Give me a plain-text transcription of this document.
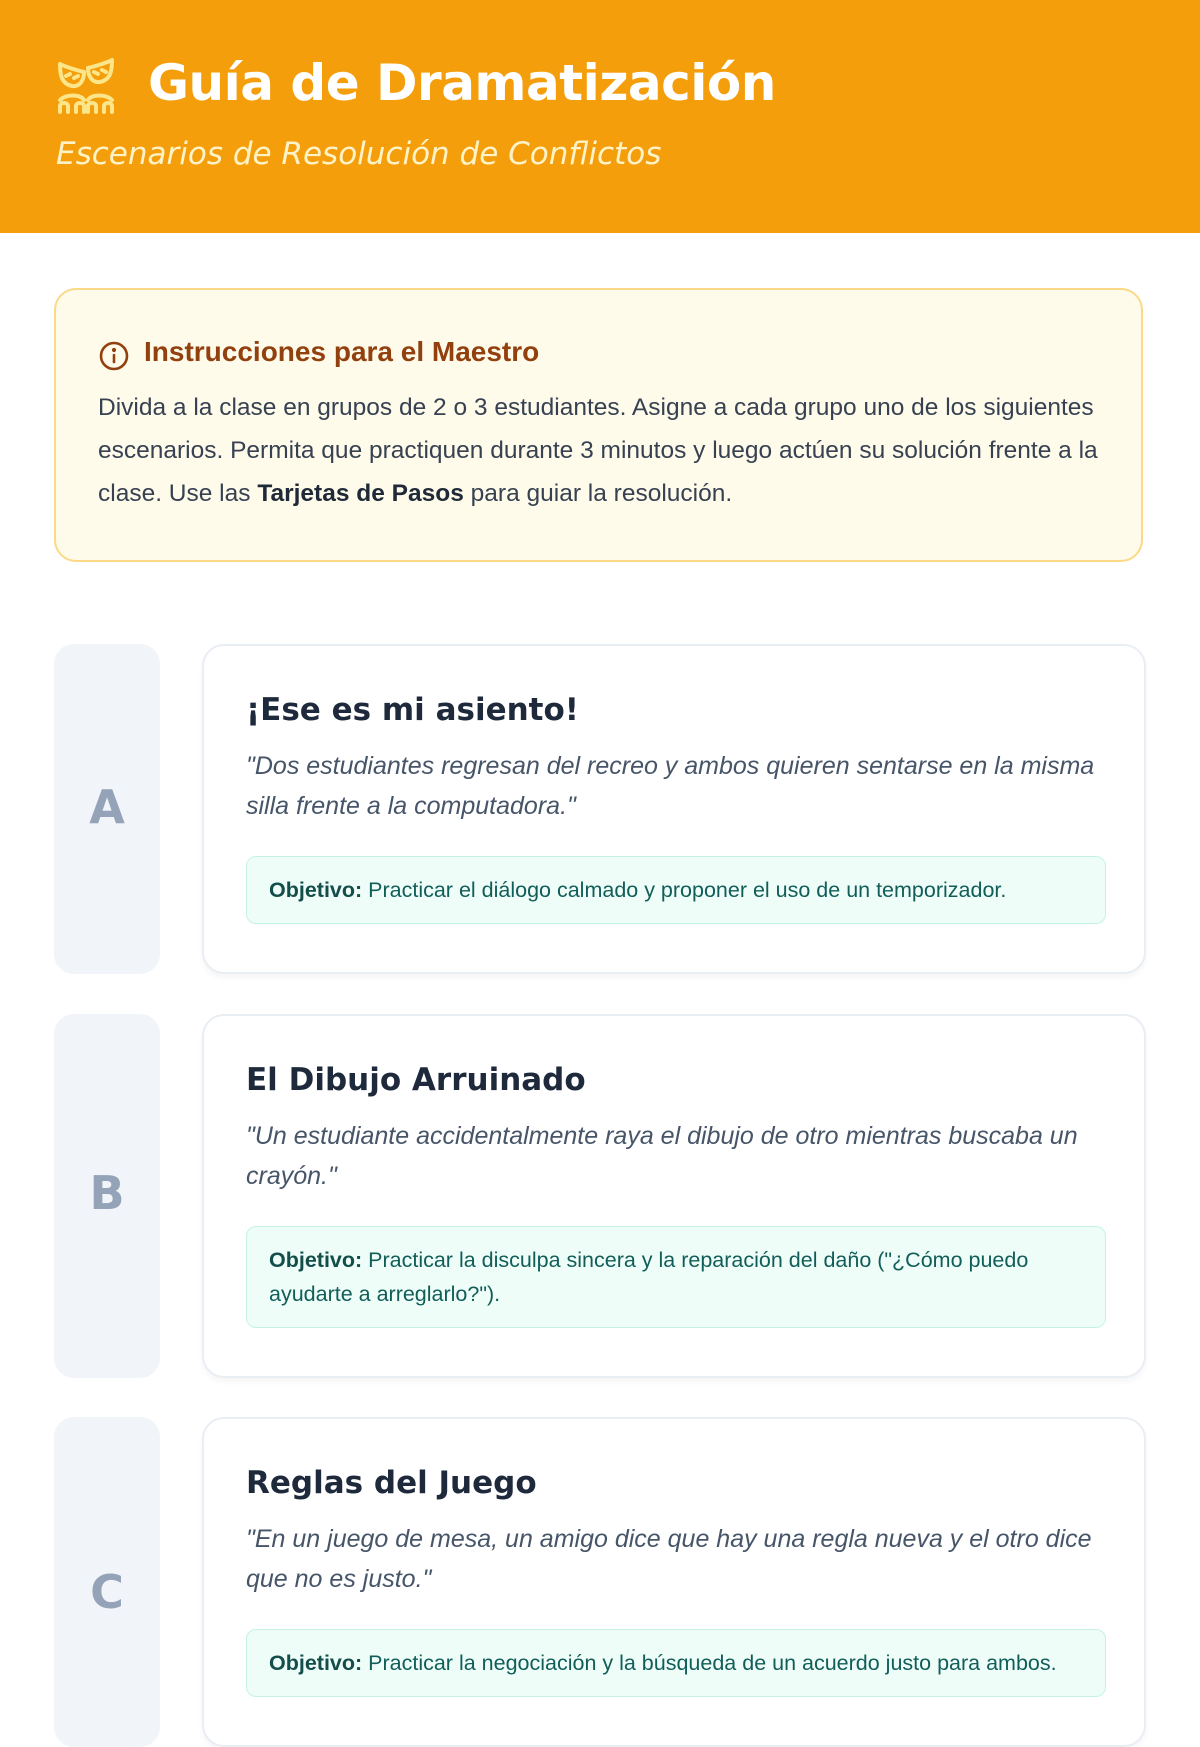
Guía de Dramatización
Escenarios de Resolución de Conflictos
Instrucciones para el Maestro

Divida a la clase en grupos de 2 o 3 estudiantes. Asigne a cada grupo uno de los siguientes escenarios. Permita que practiquen durante 3 minutos y luego actúen su solución frente a la clase. Use las Tarjetas de Pasos para guiar la resolución.

A
¡Ese es mi asiento!
"Dos estudiantes regresan del recreo y ambos quieren sentarse en la misma silla frente a la computadora."
Objetivo: Practicar el diálogo calmado y proponer el uso de un temporizador.
B
El Dibujo Arruinado
"Un estudiante accidentalmente raya el dibujo de otro mientras buscaba un crayón."
Objetivo: Practicar la disculpa sincera y la reparación del daño ("¿Cómo puedo ayudarte a arreglarlo?").
C
Reglas del Juego
"En un juego de mesa, un amigo dice que hay una regla nueva y el otro dice que no es justo."
Objetivo: Practicar la negociación y la búsqueda de un acuerdo justo para ambos.
